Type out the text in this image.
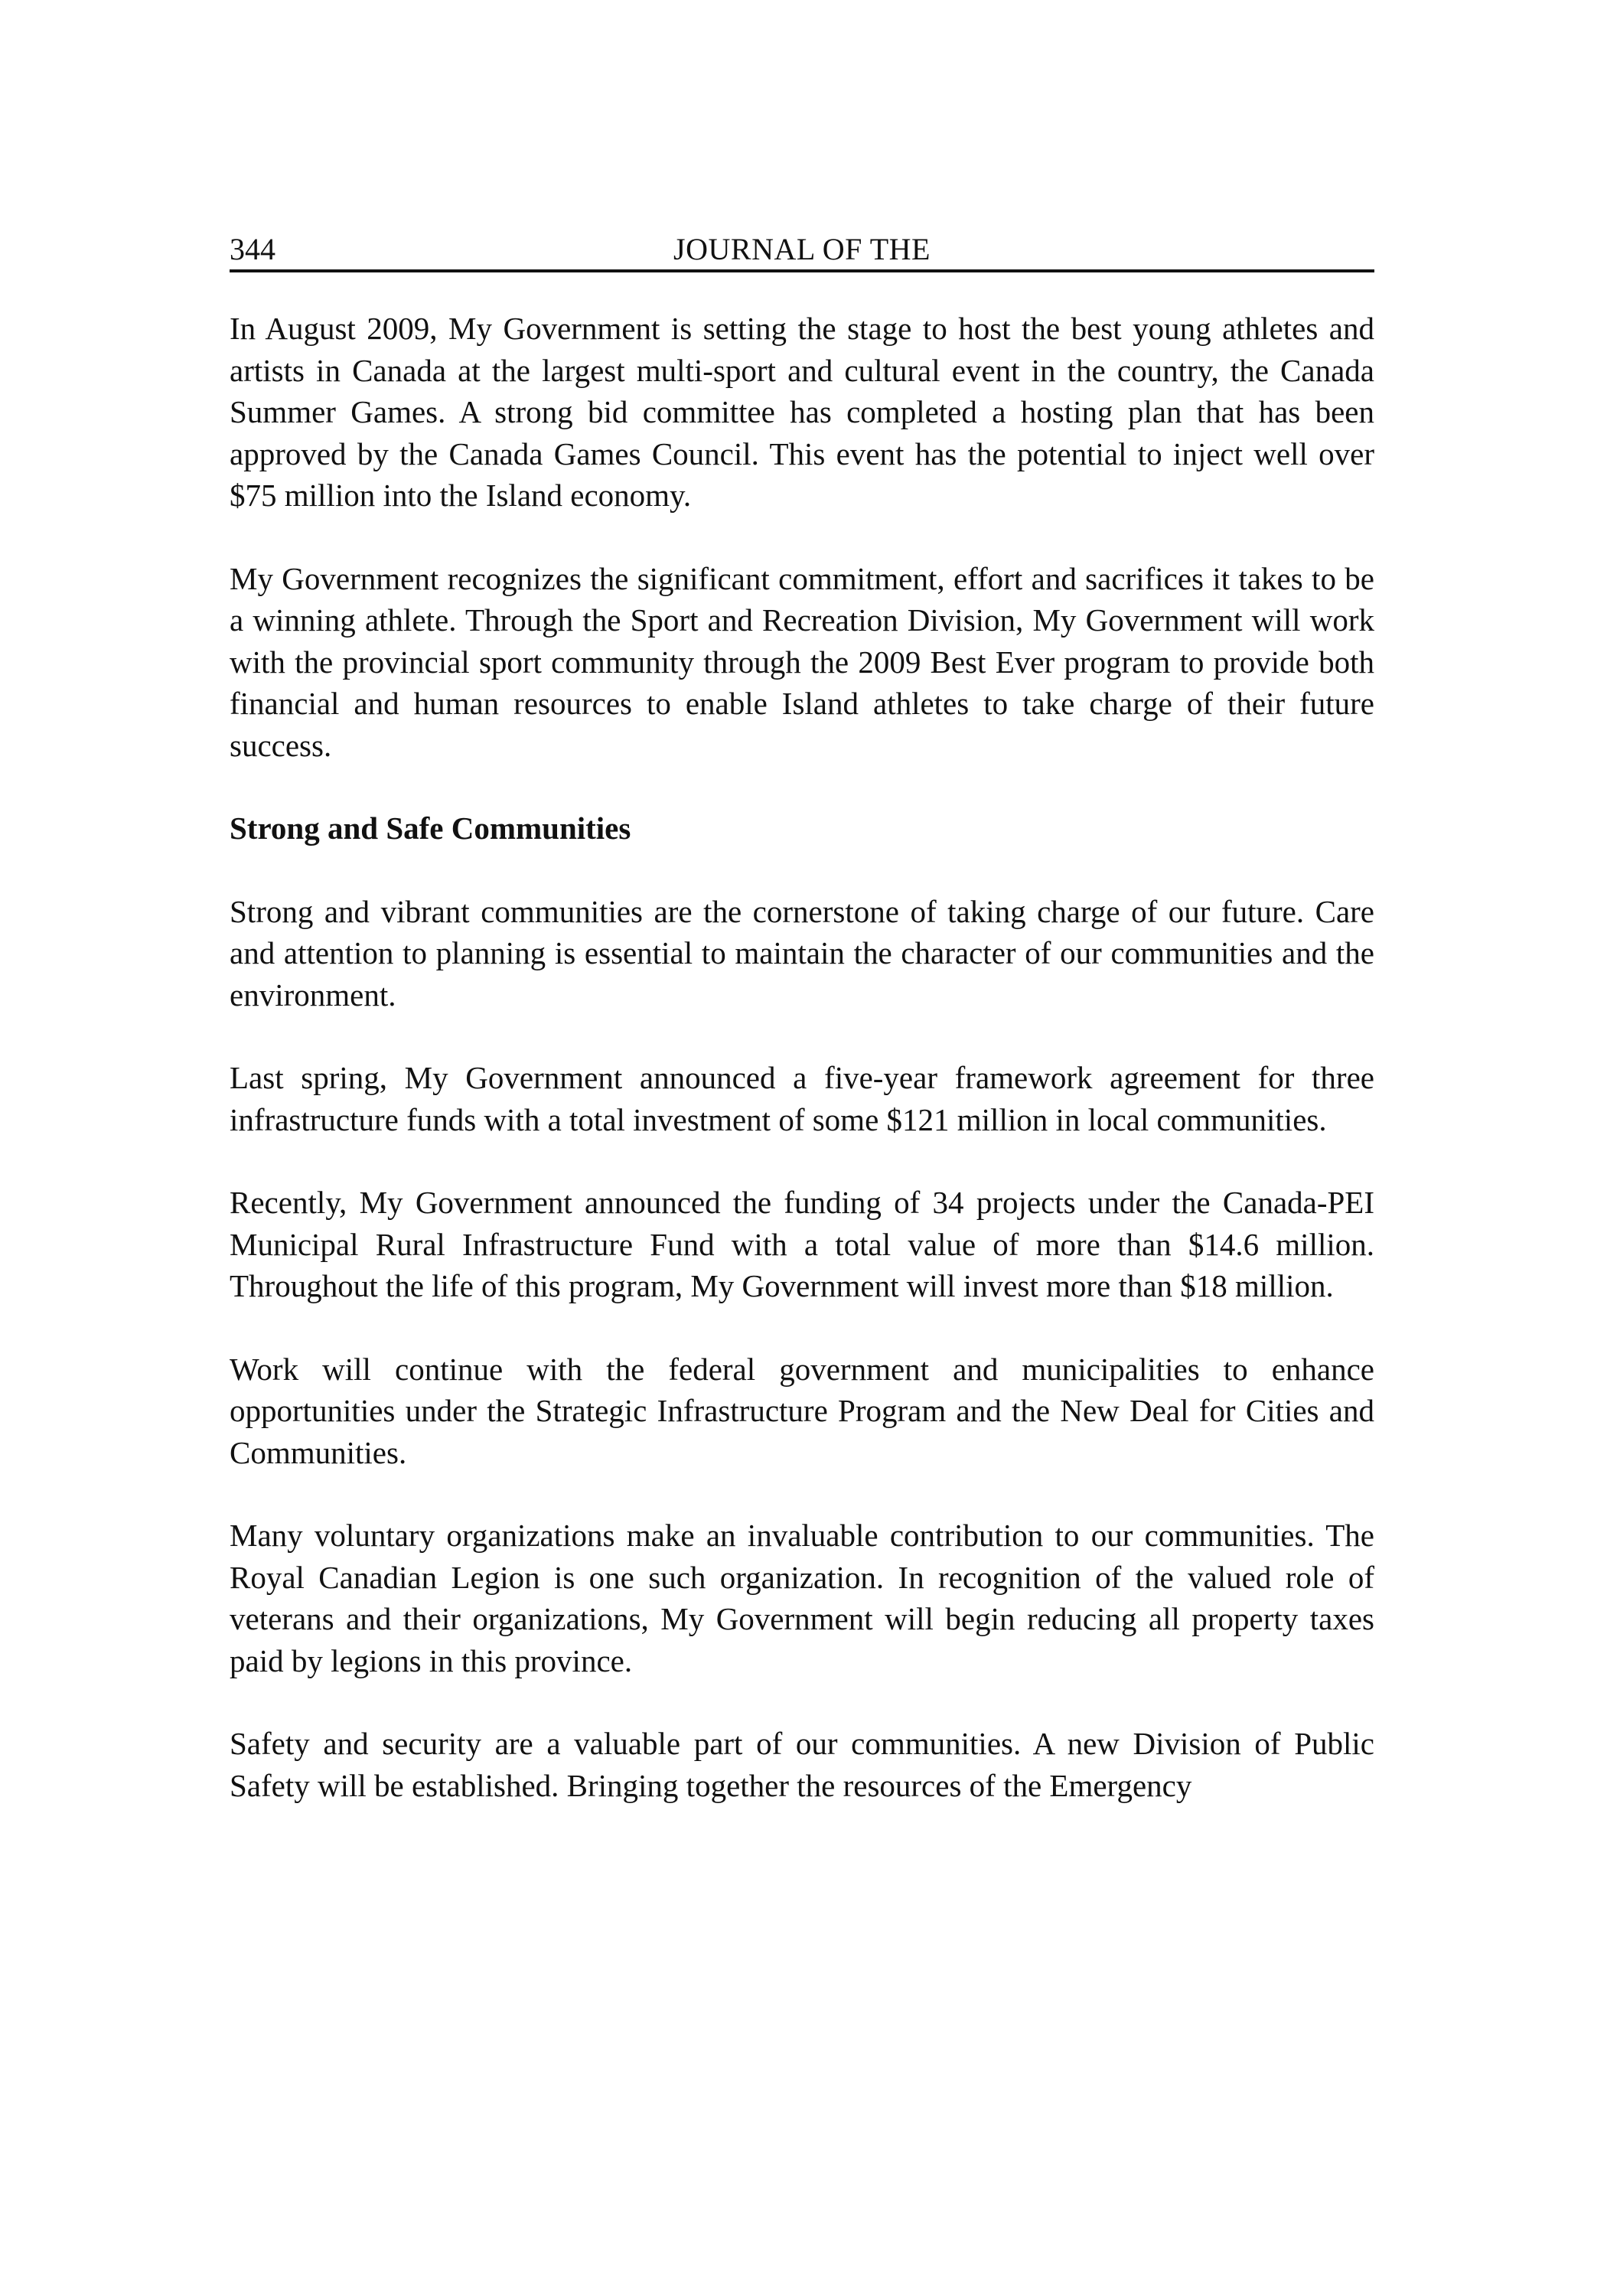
344	JOURNAL OF THE

In August 2009, My Government is setting the stage to host the best young athletes and artists in Canada at the largest multi-sport and cultural event in the country, the Canada Summer Games. A strong bid committee has completed a hosting plan that has been approved by the Canada Games Council. This event has the potential to inject well over $75 million into the Island economy.

My Government recognizes the significant commitment, effort and sacrifices it takes to be a winning athlete. Through the Sport and Recreation Division, My Government will work with the provincial sport community through the 2009 Best Ever program to provide both financial and human resources to enable Island athletes to take charge of their future success.

Strong and Safe Communities

Strong and vibrant communities are the cornerstone of taking charge of our future. Care and attention to planning is essential to maintain the character of our communities and the environment.

Last spring, My Government announced a five-year framework agreement for three infrastructure funds with a total investment of some $121 million in local communities.

Recently, My Government announced the funding of 34 projects under the Canada-PEI Municipal Rural Infrastructure Fund with a total value of more than $14.6 million. Throughout the life of this program, My Government will invest more than $18 million.

Work will continue with the federal government and municipalities to enhance opportunities under the Strategic Infrastructure Program and the New Deal for Cities and Communities.

Many voluntary organizations make an invaluable contribution to our communities. The Royal Canadian Legion is one such organization. In recognition of the valued role of veterans and their organizations, My Government will begin reducing all property taxes paid by legions in this province.

Safety and security are a valuable part of our communities. A new Division of Public Safety will be established. Bringing together the resources of the Emergency
